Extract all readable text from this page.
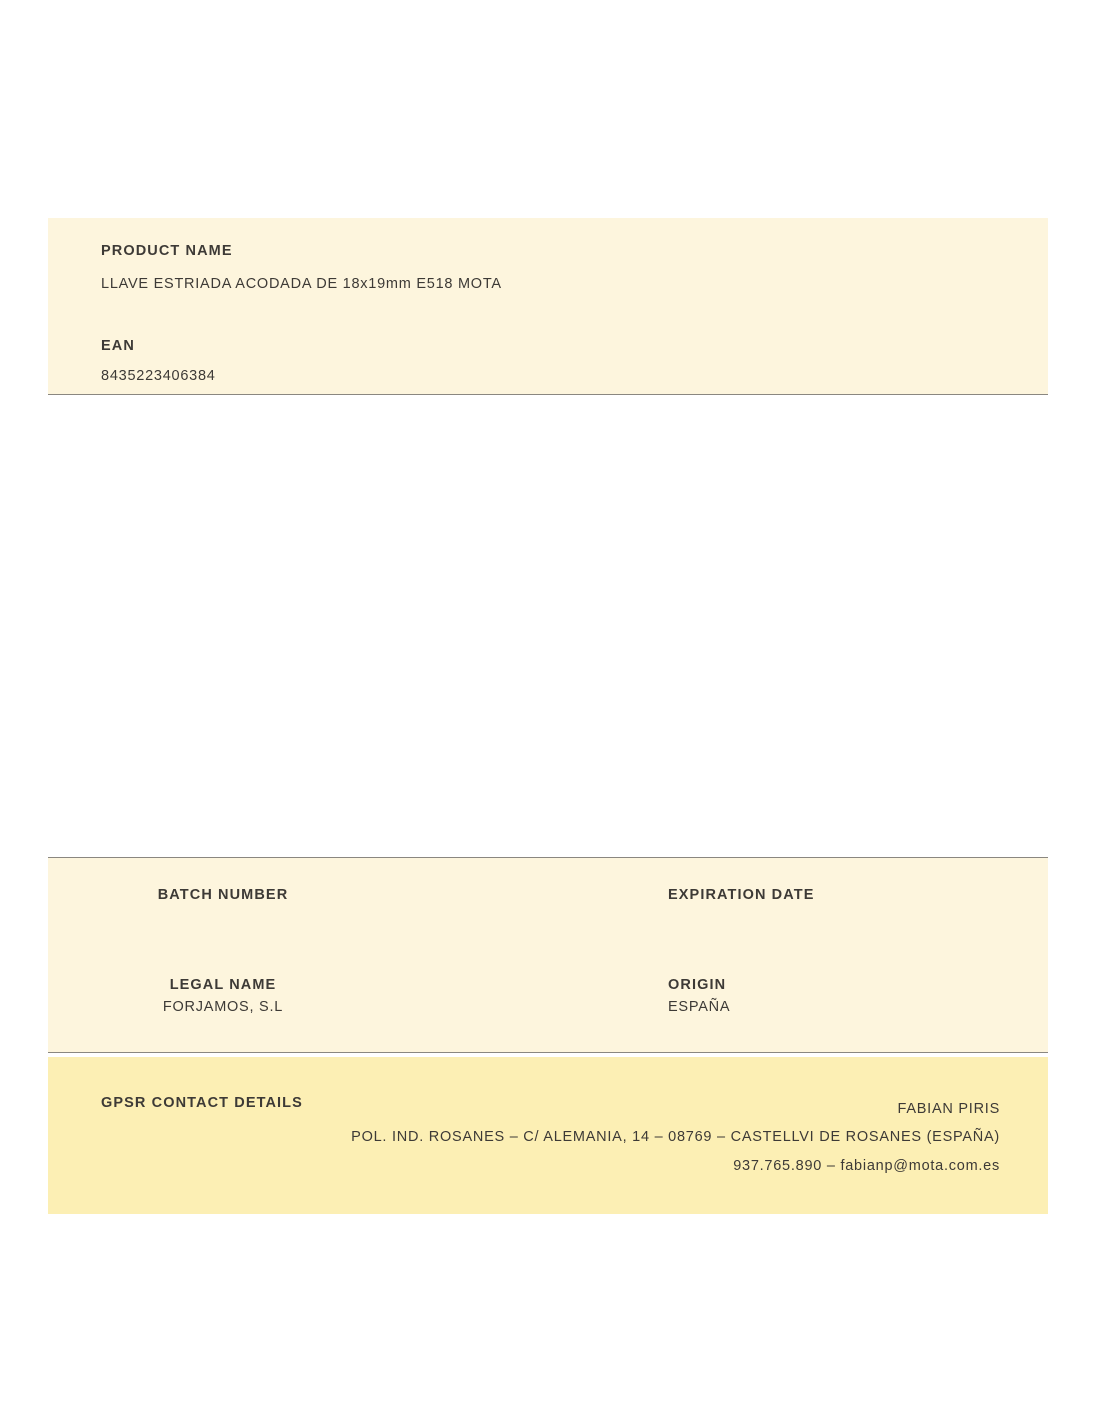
PRODUCT NAME

LLAVE ESTRIADA ACODADA DE 18x19mm E518 MOTA

EAN

8435223406384

BATCH NUMBER	EXPIRATION DATE

LEGAL NAME

FORJAMOS, S.L

ORIGIN

ESPAÑA

GPSR CONTACT DETAILS	FABIAN PIRIS

POL. IND. ROSANES – C/ ALEMANIA, 14 – 08769 – CASTELLVI DE ROSANES (ESPAÑA)

937.765.890 – fabianp@mota.com.es
